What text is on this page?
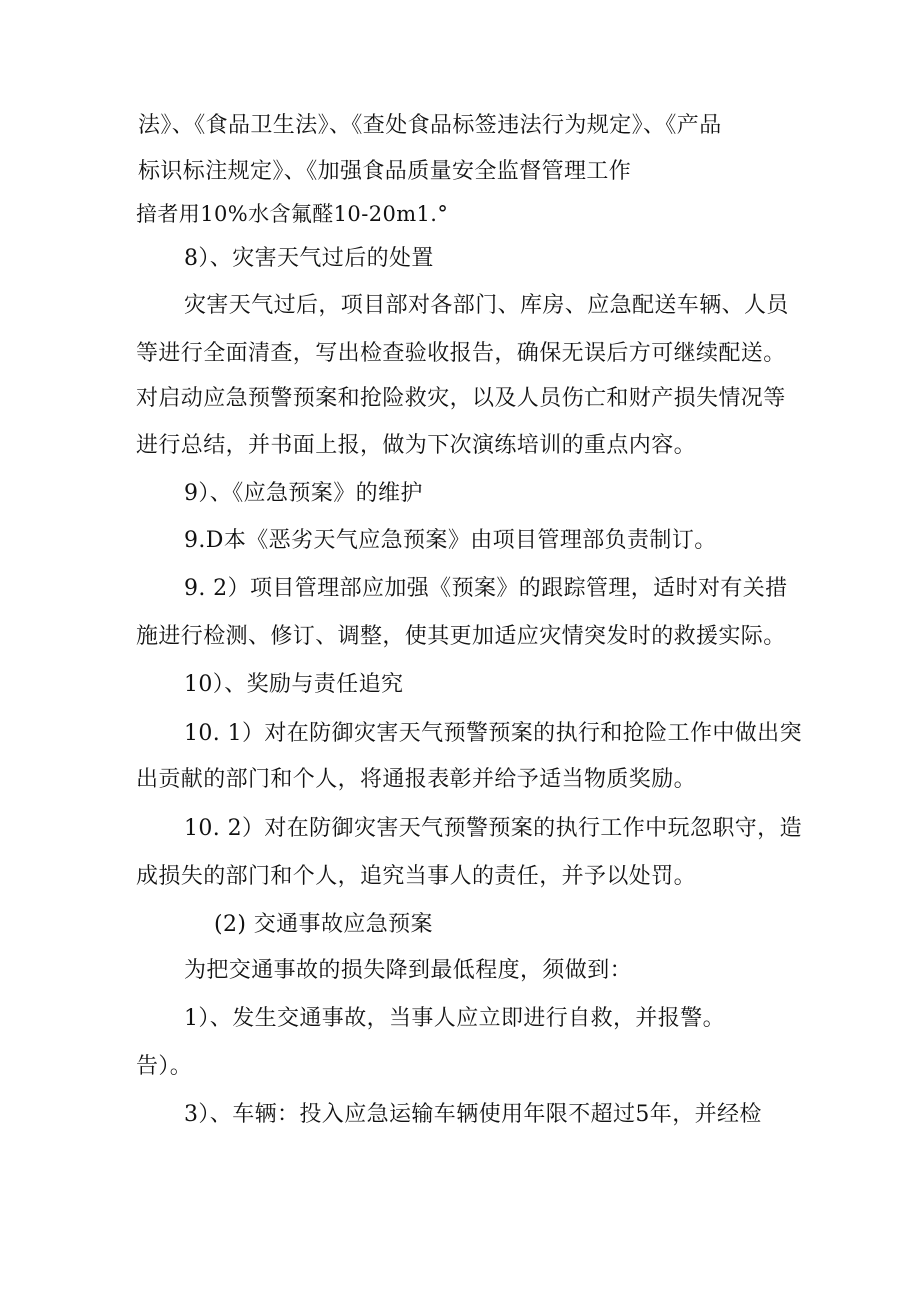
法》、《食品卫生法》、《查处食品标签违法行为规定》、《产品
标识标注规定》、《加强食品质量安全监督管理工作
揞者用10%水含氟醛10-20m1.°
8）、灾害天气过后的处置
灾害天气过后，项目部对各部门、库房、应急配送车辆、人员
等进行全面清查，写出检查验收报告，确保无误后方可继续配送。
对启动应急预警预案和抢险救灾，以及人员伤亡和财产损失情况等
进行总结，并书面上报，做为下次演练培训的重点内容。
9）、《应急预案》的维护
9.D本《恶劣天气应急预案》由项目管理部负责制订。
9. 2）项目管理部应加强《预案》的跟踪管理，适时对有关措
施进行检测、修订、调整，使其更加适应灾情突发时的救援实际。
10）、奖励与责任追究
10. 1）对在防御灾害天气预警预案的执行和抢险工作中做出突
出贡献的部门和个人，将通报表彰并给予适当物质奖励。
10. 2）对在防御灾害天气预警预案的执行工作中玩忽职守，造
成损失的部门和个人，追究当事人的责任，并予以处罚。
(2) 交通事故应急预案
为把交通事故的损失降到最低程度，须做到：
1）、发生交通事故，当事人应立即进行自救，并报警。
告）。
3）、车辆：投入应急运输车辆使用年限不超过5年，并经检
